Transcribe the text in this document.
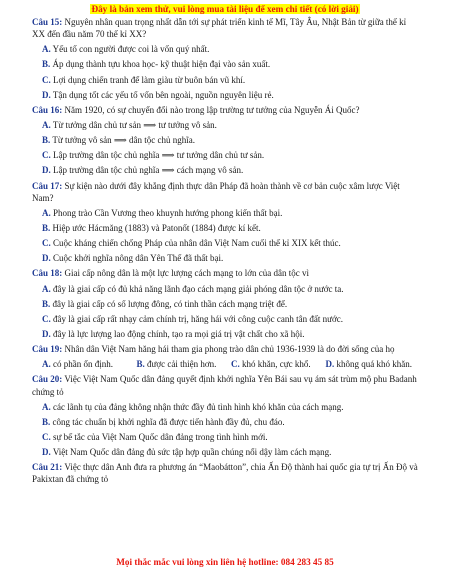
Đây là bản xem thử, vui lòng mua tài liệu để xem chi tiết (có lời giải)

Câu 15: Nguyên nhân quan trọng nhất dẫn tới sự phát triển kinh tế Mĩ, Tây Âu, Nhật Bản từ giữa thế kỉ XX đến đầu năm 70 thế kỉ XX?

A. Yếu tố con người được coi là vốn quý nhất.

B. Áp dụng thành tựu khoa học- kỹ thuật hiện đại vào sản xuất.

C. Lợi dụng chiến tranh để làm giàu từ buôn bán vũ khí.

D. Tận dụng tốt các yếu tố vốn bên ngoài, nguồn nguyên liệu rẻ.

Câu 16: Năm 1920, có sự chuyển đổi nào trong lập trường tư tưởng của Nguyễn Ái Quốc?

A. Từ tưởng dân chủ tư sản ⟹ tư tưởng vô sản.

B. Từ tưởng vô sản ⟹ dân tộc chủ nghĩa.

C. Lập trường dân tộc chủ nghĩa ⟹ tư tưởng dân chủ tư sản.

D. Lập trường dân tộc chủ nghĩa ⟹ cách mạng vô sản.

Câu 17: Sự kiện nào dưới đây khẳng định thực dân Pháp đã hoàn thành về cơ bản cuộc xâm lược Việt Nam?

A. Phong trào Cần Vương theo khuynh hướng phong kiến thất bại.

B. Hiệp ước Hácmăng (1883) và Patonốt (1884) được kí kết.

C. Cuộc kháng chiến chống Pháp của nhân dân Việt Nam cuối thế kỉ XIX kết thúc.

D. Cuộc khởi nghĩa nông dân Yên Thế đã thất bại.

Câu 18: Giai cấp nông dân là một lực lượng cách mạng to lớn của dân tộc vì

A. đây là giai cấp có đủ khả năng lãnh đạo cách mạng giải phóng dân tộc ở nước ta.

B. đây là giai cấp có số lượng đông, có tinh thần cách mạng triệt để.

C. đây là giai cấp rất nhạy cảm chính trị, hăng hái với công cuộc canh tân đất nước.

D. đây là lực lượng lao động chính, tạo ra mọi giá trị vật chất cho xã hội.

Câu 19: Nhân dân Việt Nam hăng hái tham gia phong trào dân chủ 1936-1939 là do đời sống của họ

A. có phần ổn định.	B. được cải thiện hơn.	C. khó khăn, cực khổ.	D. không quá khó khăn.

Câu 20: Việc Việt Nam Quốc dân đảng quyết định khởi nghĩa Yên Bái sau vụ ám sát trùm mộ phu Badanh chứng tỏ

A. các lãnh tụ của đảng không nhận thức đầy đủ tình hình khó khăn của cách mạng.

B. công tác chuẩn bị khởi nghĩa đã được tiến hành đầy đủ, chu đáo.

C. sự bế tắc của Việt Nam Quốc dân đảng trong tình hình mới.

D. Việt Nam Quốc dân đảng đủ sức tập hợp quần chúng nổi dậy làm cách mạng.

Câu 21: Việc thực dân Anh đưa ra phương án “Maobátton”, chia Ấn Độ thành hai quốc gia tự trị Ấn Độ và Pakixtan đã chứng tỏ

Mọi thắc mắc vui lòng xin liên hệ hotline: 084 283 45 85
